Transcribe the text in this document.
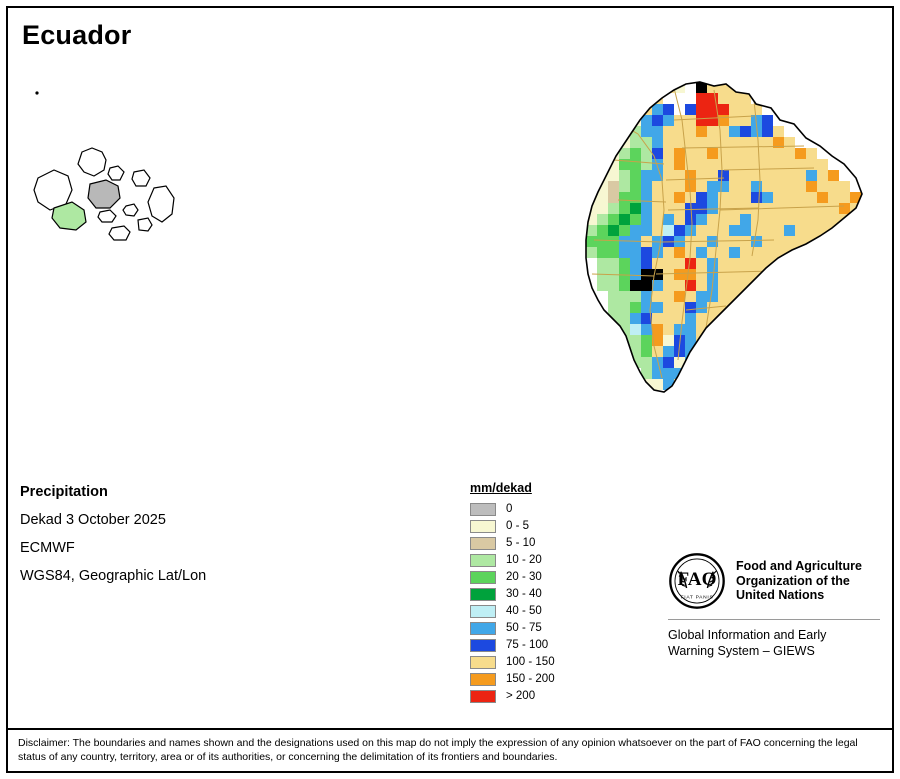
Ecuador
Precipitation
Dekad 3 October 2025
ECMWF
WGS84, Geographic Lat/Lon
mm/dekad
0
0 - 5
5 - 10
10 - 20
20 - 30
30 - 40
40 - 50
50 - 75
75 - 100
100 - 150
150 - 200
> 200
FAO
FIAT PANIS
Food and Agriculture
Organization of the
United Nations
Global Information and Early
Warning System – GIEWS
Disclaimer: The boundaries and names shown and the designations used on this map do not imply the expression of any opinion whatsoever on the part of FAO concerning the legal status of any country, territory, area or of its authorities, or concerning the delimitation of its frontiers and boundaries.
